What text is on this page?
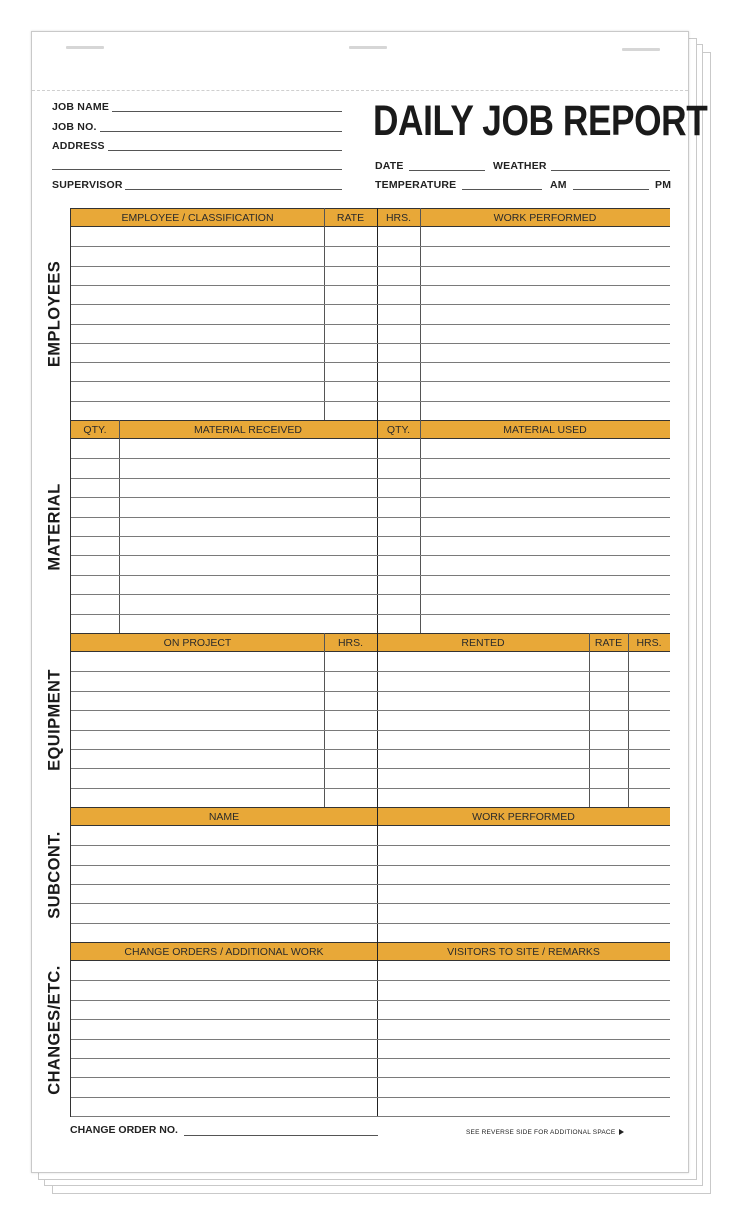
JOB NAME
JOB NO.
ADDRESS
SUPERVISOR
DAILY JOB REPORT
DATE	WEATHER
TEMPERATURE	AM	PM
EMPLOYEES
EMPLOYEE / CLASSIFICATION	RATE	HRS.	WORK PERFORMED
MATERIAL
QTY.	MATERIAL RECEIVED	QTY.	MATERIAL USED
EQUIPMENT
ON PROJECT	HRS.	RENTED	RATE	HRS.
SUBCONT.
NAME	WORK PERFORMED
CHANGES/ETC.
CHANGE ORDERS / ADDITIONAL WORK	VISITORS TO SITE / REMARKS
CHANGE ORDER NO.	SEE REVERSE SIDE FOR ADDITIONAL SPACE
